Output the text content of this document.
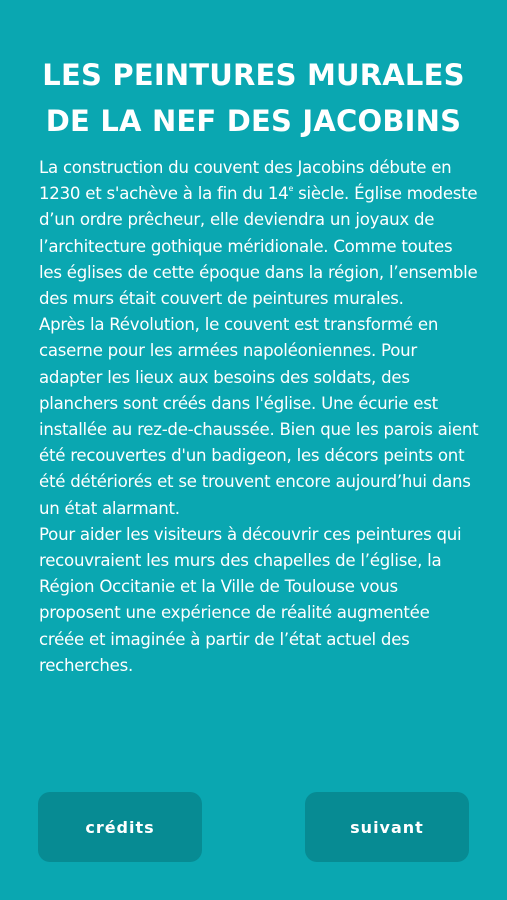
LES PEINTURES MURALES
DE LA NEF DES JACOBINS

La construction du couvent des Jacobins débute en 1230 et s'achève à la fin du 14e siècle. Église modeste d’un ordre prêcheur, elle deviendra un joyaux de l’architecture gothique méridionale. Comme toutes les églises de cette époque dans la région, l’ensemble des murs était couvert de peintures murales.

Après la Révolution, le couvent est transformé en caserne pour les armées napoléoniennes. Pour adapter les lieux aux besoins des soldats, des planchers sont créés dans l'église. Une écurie est installée au rez-de-chaussée. Bien que les parois aient été recouvertes d'un badigeon, les décors peints ont été détériorés et se trouvent encore aujourd’hui dans un état alarmant.

Pour aider les visiteurs à découvrir ces peintures qui recouvraient les murs des chapelles de l’église, la Région Occitanie et la Ville de Toulouse vous proposent une expérience de réalité augmentée créée et imaginée à partir de l’état actuel des recherches.

crédits	suivant
